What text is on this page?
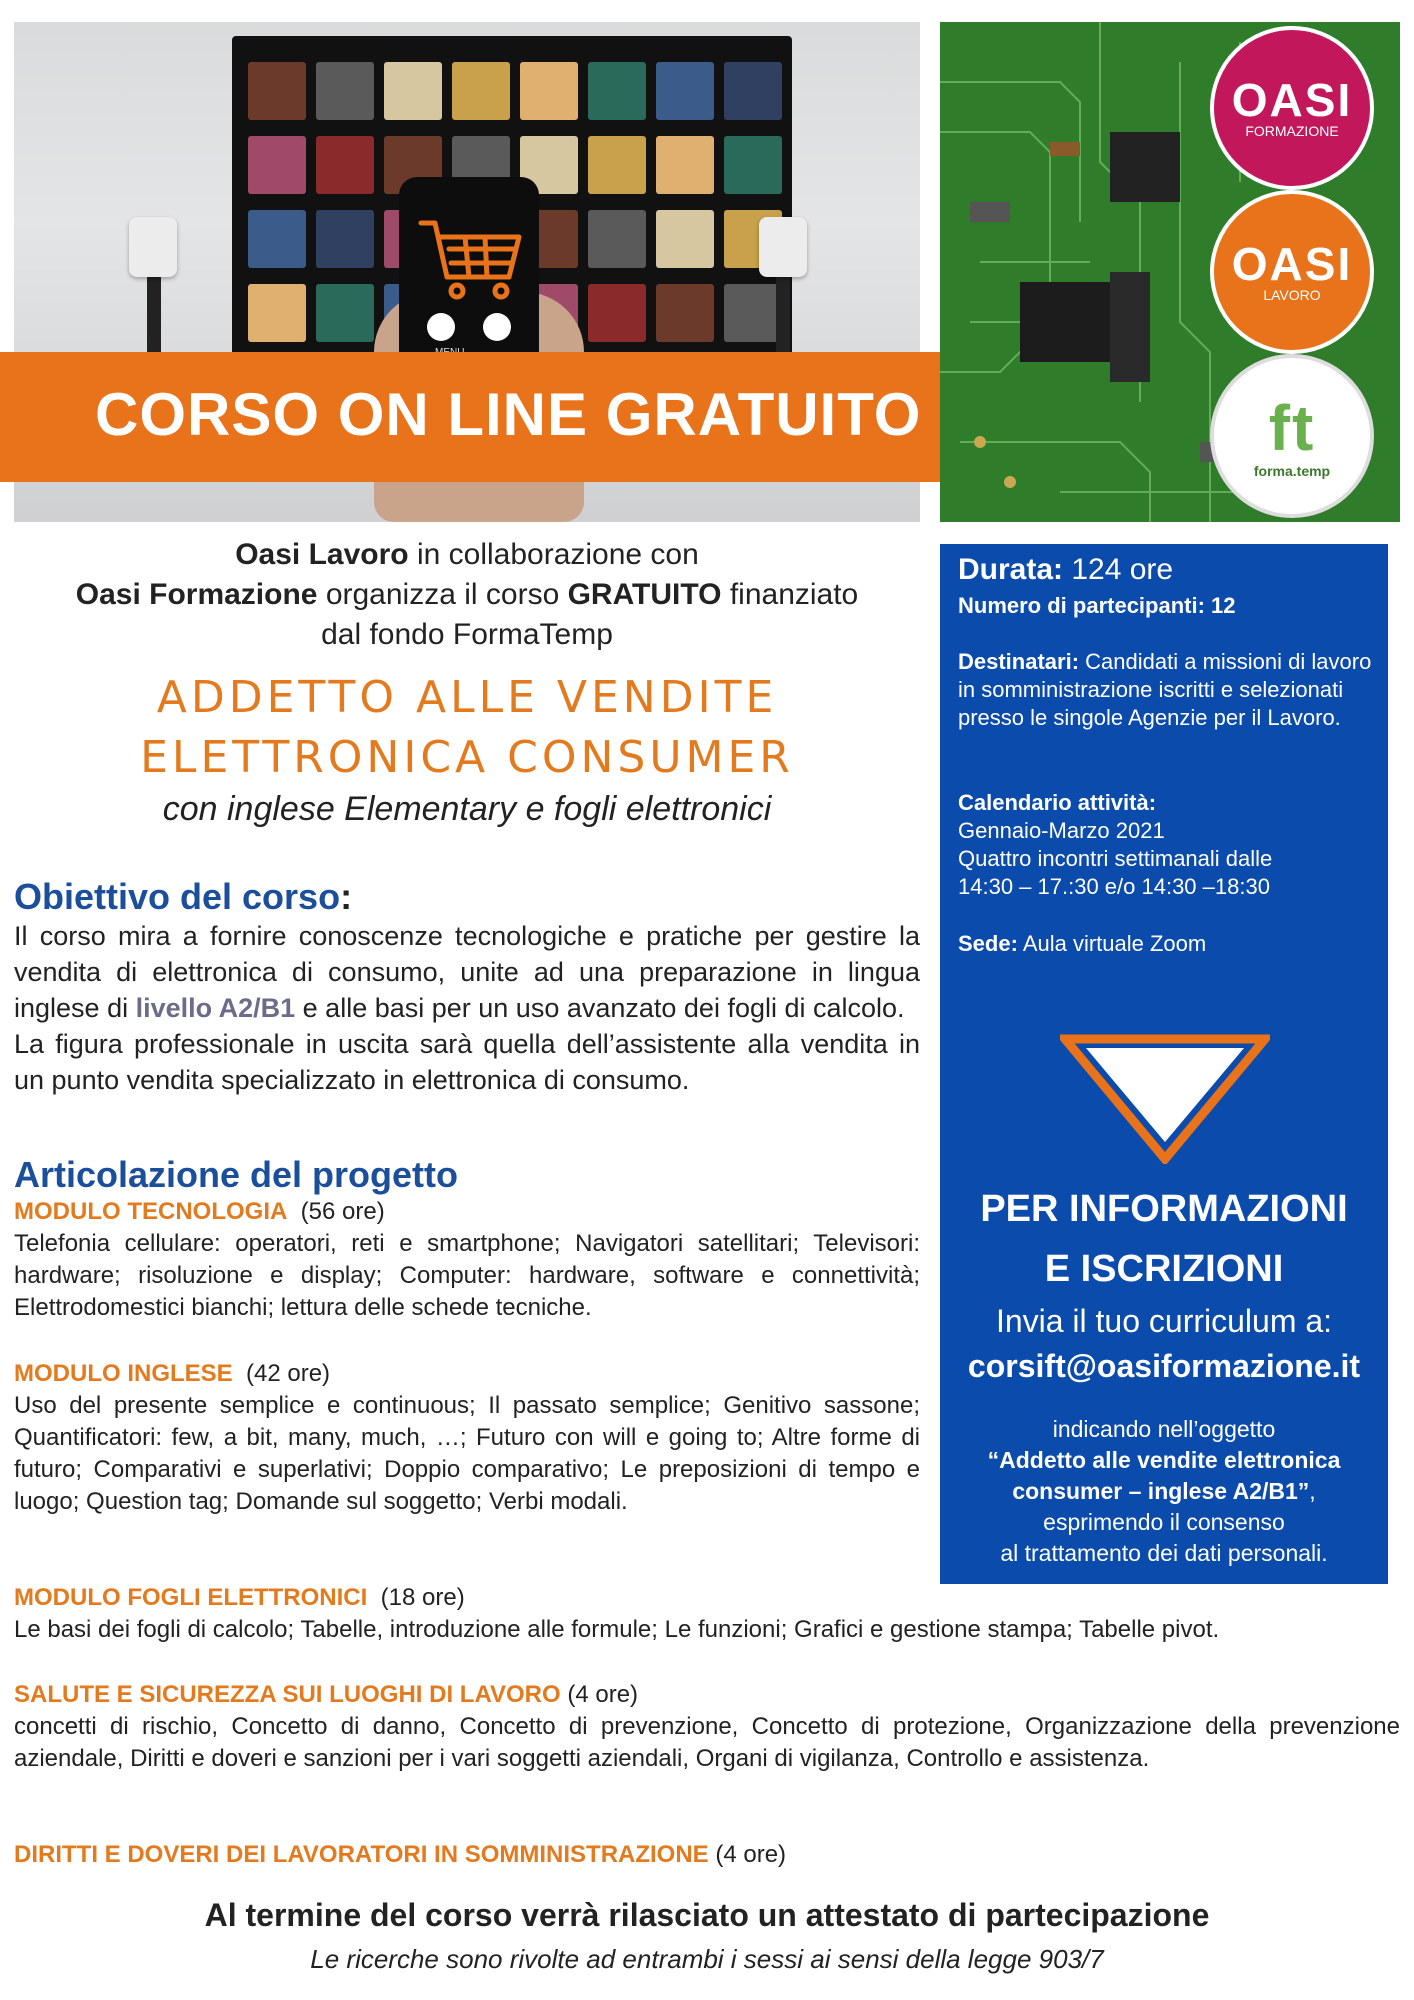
CORSO ON LINE GRATUITO
OASI
FORMAZIONE
OASI
LAVORO
ft
forma.temp
Oasi Lavoro in collaborazione con
Oasi Formazione organizza il corso GRATUITO finanziato
dal fondo FormaTemp
ADDETTO ALLE VENDITE
ELETTRONICA CONSUMER
con inglese Elementary e fogli elettronici
Obiettivo del corso:
Il corso mira a fornire conoscenze tecnologiche e pratiche per gestire la vendita di elettronica di consumo, unite ad una preparazione in lingua inglese di livello A2/B1 e alle basi per un uso avanzato dei fogli di calcolo.
La figura professionale in uscita sarà quella dell’assistente alla vendita in un punto vendita specializzato in elettronica di consumo.
Articolazione del progetto
MODULO TECNOLOGIA (56 ore)
Telefonia cellulare: operatori, reti e smartphone; Navigatori satellitari; Televisori: hardware; risoluzione e display; Computer: hardware, software e connettività; Elettrodomestici bianchi; lettura delle schede tecniche.
MODULO INGLESE (42 ore)
Uso del presente semplice e continuous; Il passato semplice; Genitivo sassone; Quantificatori: few, a bit, many, much, …; Futuro con will e going to; Altre forme di futuro; Comparativi e superlativi; Doppio comparativo; Le preposizioni di tempo e luogo; Question tag; Domande sul soggetto; Verbi modali.
MODULO FOGLI ELETTRONICI (18 ore)
Le basi dei fogli di calcolo; Tabelle, introduzione alle formule; Le funzioni; Grafici e gestione stampa; Tabelle pivot.
SALUTE E SICUREZZA SUI LUOGHI DI LAVORO (4 ore)
concetti di rischio, Concetto di danno, Concetto di prevenzione, Concetto di protezione, Organizzazione della prevenzione aziendale, Diritti e doveri e sanzioni per i vari soggetti aziendali, Organi di vigilanza, Controllo e assistenza.
DIRITTI E DOVERI DEI LAVORATORI IN SOMMINISTRAZIONE (4 ore)
Al termine del corso verrà rilasciato un attestato di partecipazione
Le ricerche sono rivolte ad entrambi i sessi ai sensi della legge 903/7
Durata: 124 ore
Numero di partecipanti: 12
Destinatari: Candidati a missioni di lavoro in somministrazione iscritti e selezionati presso le singole Agenzie per il Lavoro.
Calendario attività:
Gennaio-Marzo 2021
Quattro incontri settimanali dalle
14:30 – 17.:30 e/o 14:30 –18:30
Sede: Aula virtuale Zoom
PER INFORMAZIONI
E ISCRIZIONI
Invia il tuo curriculum a:
corsift@oasiformazione.it
indicando nell’oggetto
“Addetto alle vendite elettronica
consumer – inglese A2/B1”,
esprimendo il consenso
al trattamento dei dati personali.
